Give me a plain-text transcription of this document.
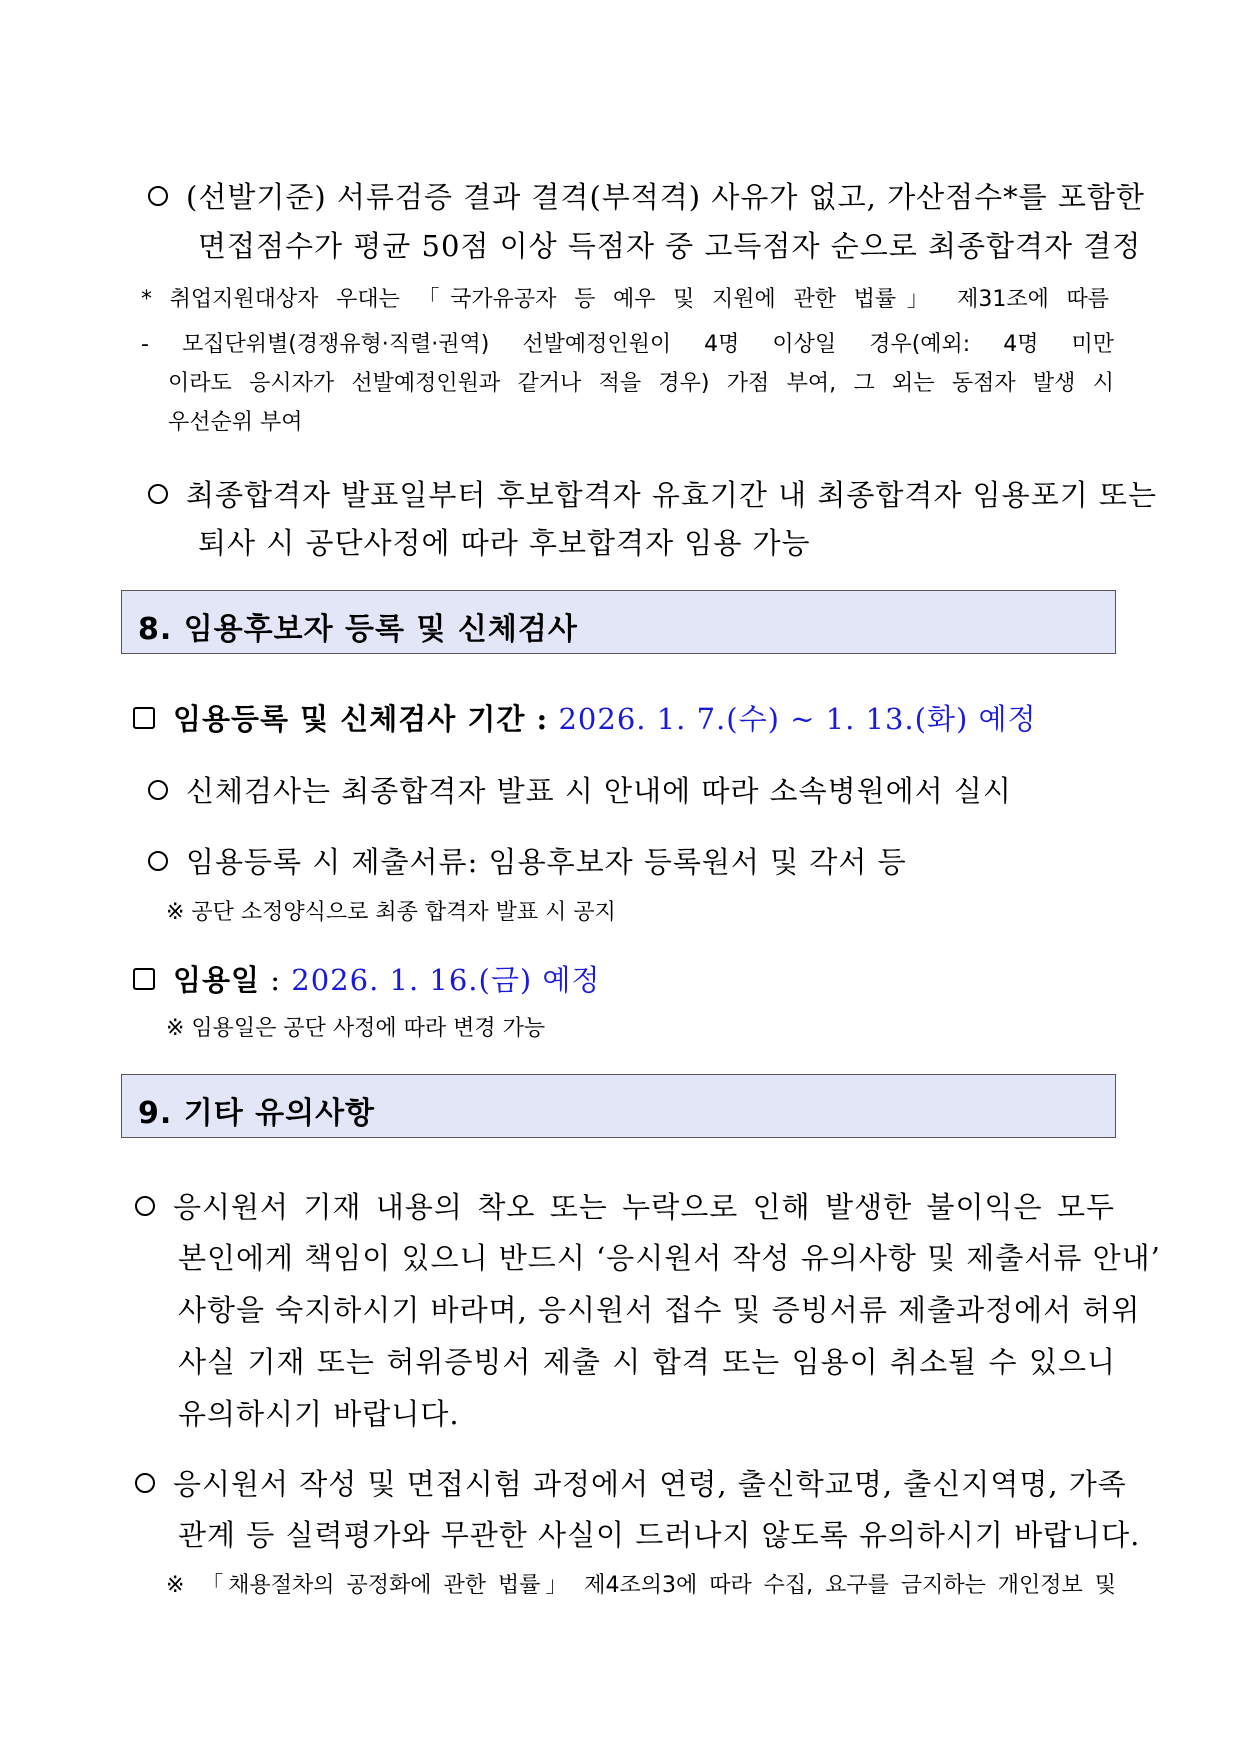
(선발기준) 서류검증 결과 결격(부적격) 사유가 없고, 가산점수*를 포함한
면접점수가 평균 50점 이상 득점자 중 고득점자 순으로 최종합격자 결정
* 취업지원대상자 우대는 「국가유공자 등 예우 및 지원에 관한 법률」 제31조에 따름
- 모집단위별(경쟁유형·직렬·권역) 선발예정인원이 4명 이상일 경우(예외: 4명 미만
이라도 응시자가 선발예정인원과 같거나 적을 경우) 가점 부여, 그 외는 동점자 발생 시
우선순위 부여
최종합격자 발표일부터 후보합격자 유효기간 내 최종합격자 임용포기 또는
퇴사 시 공단사정에 따라 후보합격자 임용 가능
8. 임용후보자 등록 및 신체검사
임용등록 및 신체검사 기간 : 2026. 1. 7.(수) ~ 1. 13.(화) 예정
신체검사는 최종합격자 발표 시 안내에 따라 소속병원에서 실시
임용등록 시 제출서류: 임용후보자 등록원서 및 각서 등
※ 공단 소정양식으로 최종 합격자 발표 시 공지
임용일 : 2026. 1. 16.(금) 예정
※ 임용일은 공단 사정에 따라 변경 가능
9. 기타 유의사항
응시원서 기재 내용의 착오 또는 누락으로 인해 발생한 불이익은 모두
본인에게 책임이 있으니 반드시 ‘응시원서 작성 유의사항 및 제출서류 안내’
사항을 숙지하시기 바라며, 응시원서 접수 및 증빙서류 제출과정에서 허위
사실 기재 또는 허위증빙서 제출 시 합격 또는 임용이 취소될 수 있으니
유의하시기 바랍니다.
응시원서 작성 및 면접시험 과정에서 연령, 출신학교명, 출신지역명, 가족
관계 등 실력평가와 무관한 사실이 드러나지 않도록 유의하시기 바랍니다.
※ 「채용절차의 공정화에 관한 법률」 제4조의3에 따라 수집, 요구를 금지하는 개인정보 및
